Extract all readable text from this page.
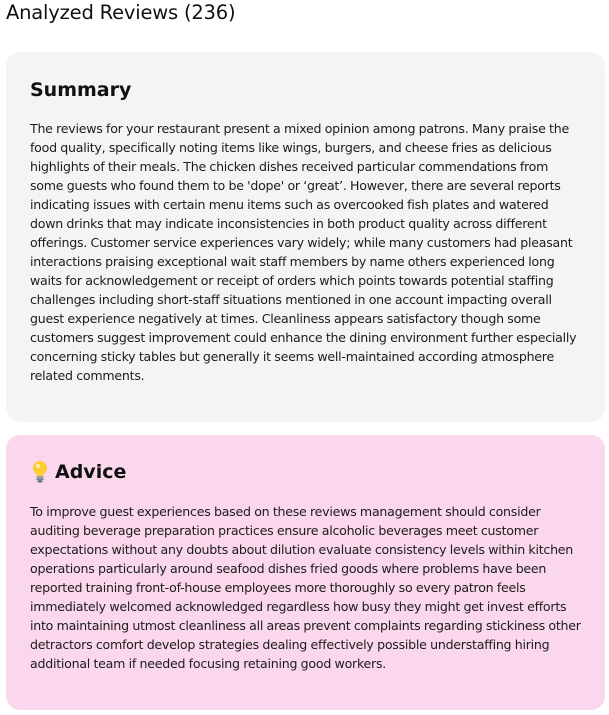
Analyzed Reviews (236)
Summary

The reviews for your restaurant present a mixed opinion among patrons. Many praise the food quality, specifically noting items like wings, burgers, and cheese fries as delicious highlights of their meals. The chicken dishes received particular commendations from some guests who found them to be 'dope' or ‘great’. However, there are several reports indicating issues with certain menu items such as overcooked fish plates and watered down drinks that may indicate inconsistencies in both product quality across different offerings. Customer service experiences vary widely; while many customers had pleasant interactions praising exceptional wait staff members by name others experienced long waits for acknowledgement or receipt of orders which points towards potential staffing challenges including short-staff situations mentioned in one account impacting overall guest experience negatively at times. Cleanliness appears satisfactory though some customers suggest improvement could enhance the dining environment further especially concerning sticky tables but generally it seems well-maintained according atmosphere related comments.

Advice

To improve guest experiences based on these reviews management should consider auditing beverage preparation practices ensure alcoholic beverages meet customer expectations without any doubts about dilution evaluate consistency levels within kitchen operations particularly around seafood dishes fried goods where problems have been reported training front-of-house employees more thoroughly so every patron feels immediately welcomed acknowledged regardless how busy they might get invest efforts into maintaining utmost cleanliness all areas prevent complaints regarding stickiness other detractors comfort develop strategies dealing effectively possible understaffing hiring additional team if needed focusing retaining good workers.
